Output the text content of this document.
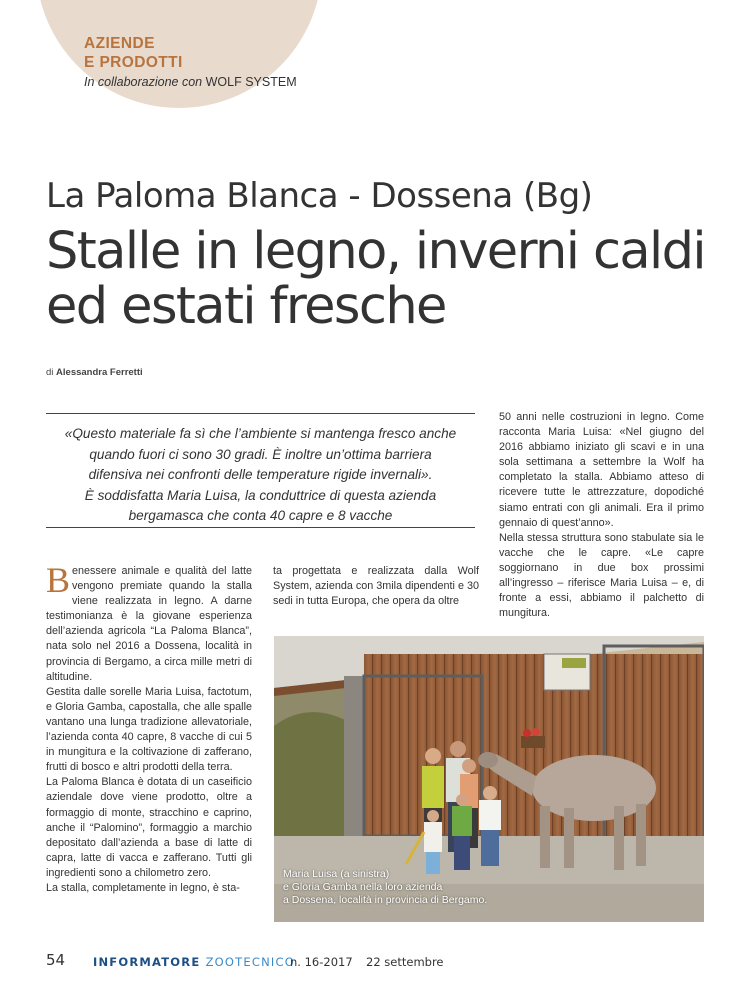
AZIENDE
E PRODOTTI
In collaborazione con WOLF SYSTEM
La Paloma Blanca - Dossena (Bg)
Stalle in legno, inverni caldi
ed estati fresche
di Alessandra Ferretti
«Questo materiale fa sì che l’ambiente si mantenga fresco anche
quando fuori ci sono 30 gradi. È inoltre un’ottima barriera
difensiva nei confronti delle temperature rigide invernali».
È soddisfatta Maria Luisa, la conduttrice di questa azienda
bergamasca che conta 40 capre e 8 vacche

Benessere animale e qualità del latte vengono premiate quando la stalla viene realizzata in legno. A darne testimonianza è la giovane esperienza dell’azienda agricola “La Paloma Blanca”, nata solo nel 2016 a Dossena, località in provincia di Bergamo, a circa mille metri di altitudine.

Gestita dalle sorelle Maria Luisa, factotum, e Gloria Gamba, capostalla, che alle spalle vantano una lunga tradizione allevatoriale, l’azienda conta 40 capre, 8 vacche di cui 5 in mungitura e la coltivazione di zafferano, frutti di bosco e altri prodotti della terra.

La Paloma Blanca è dotata di un caseificio aziendale dove viene prodotto, oltre a formaggio di monte, stracchino e caprino, anche il “Palomino”, formaggio a marchio depositato dall’azienda a base di latte di capra, latte di vacca e zafferano. Tutti gli ingredienti sono a chilometro zero.

La stalla, completamente in legno, è sta-

ta progettata e realizzata dalla Wolf System, azienda con 3mila dipendenti e 30 sedi in tutta Europa, che opera da oltre

50 anni nelle costruzioni in legno. Come racconta Maria Luisa: «Nel giugno del 2016 abbiamo iniziato gli scavi e in una sola settimana a settembre la Wolf ha completato la stalla. Abbiamo atteso di ricevere tutte le attrezzature, dopodiché siamo entrati con gli animali. Era il primo gennaio di quest’anno».

Nella stessa struttura sono stabulate sia le vacche che le capre. «Le capre soggiornano in due box prossimi all’ingresso – riferisce Maria Luisa – e, di fronte a essi, abbiamo il palchetto di mungitura.

Maria Luisa (a sinistra)
e Gloria Gamba nella loro azienda
a Dossena, località in provincia di Bergamo.
54 INFORMATORE ZOOTECNICO
n. 16-2017 22 settembre
